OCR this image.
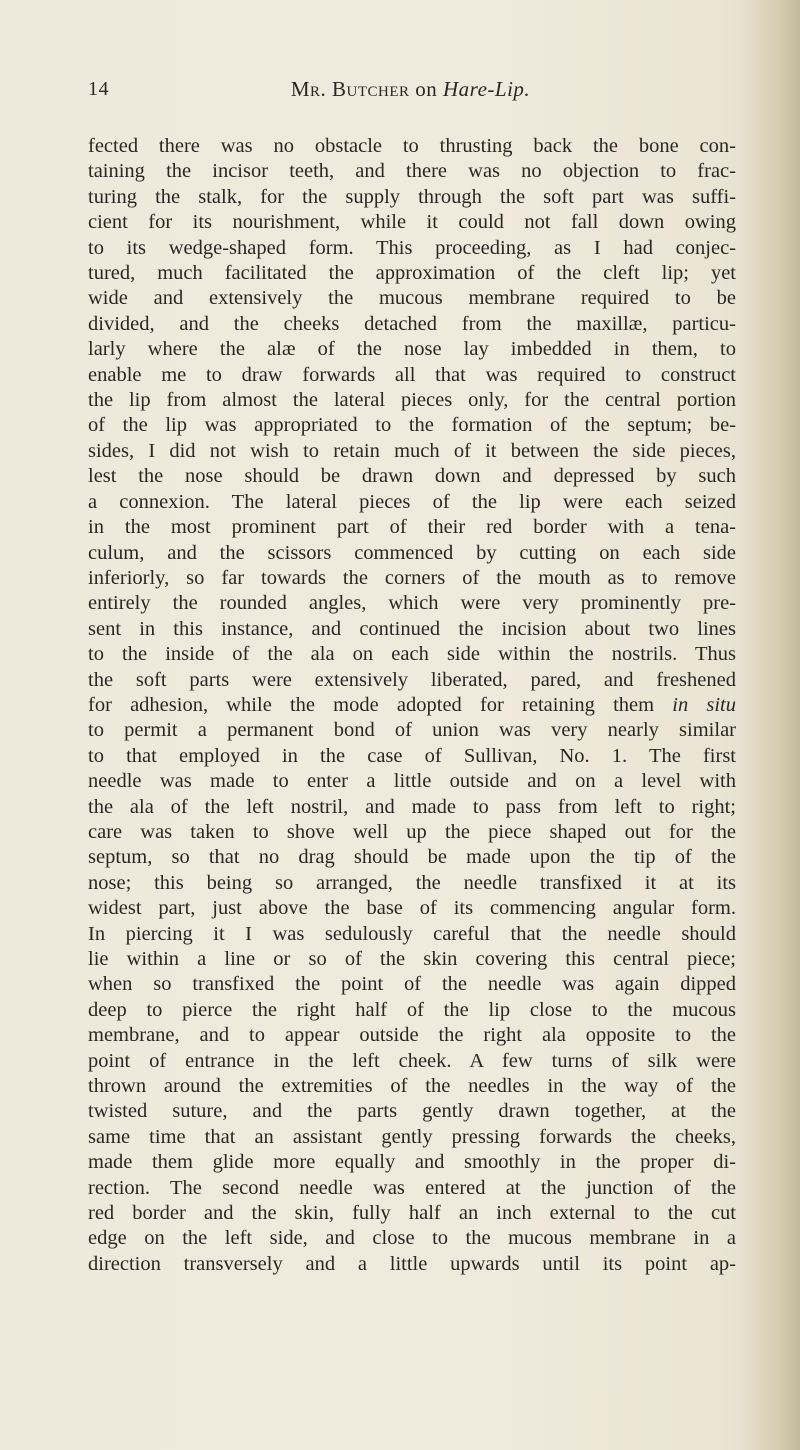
14	Mr. Butcher on Hare-Lip.
fected there was no obstacle to thrusting back the bone con-
taining the incisor teeth, and there was no objection to frac-
turing the stalk, for the supply through the soft part was suffi-
cient for its nourishment, while it could not fall down owing
to its wedge-shaped form. This proceeding, as I had conjec-
tured, much facilitated the approximation of the cleft lip; yet
wide and extensively the mucous membrane required to be
divided, and the cheeks detached from the maxillæ, particu-
larly where the alæ of the nose lay imbedded in them, to
enable me to draw forwards all that was required to construct
the lip from almost the lateral pieces only, for the central portion
of the lip was appropriated to the formation of the septum; be-
sides, I did not wish to retain much of it between the side pieces,
lest the nose should be drawn down and depressed by such
a connexion. The lateral pieces of the lip were each seized
in the most prominent part of their red border with a tena-
culum, and the scissors commenced by cutting on each side
inferiorly, so far towards the corners of the mouth as to remove
entirely the rounded angles, which were very prominently pre-
sent in this instance, and continued the incision about two lines
to the inside of the ala on each side within the nostrils. Thus
the soft parts were extensively liberated, pared, and freshened
for adhesion, while the mode adopted for retaining them in situ
to permit a permanent bond of union was very nearly similar
to that employed in the case of Sullivan, No. 1. The first
needle was made to enter a little outside and on a level with
the ala of the left nostril, and made to pass from left to right;
care was taken to shove well up the piece shaped out for the
septum, so that no drag should be made upon the tip of the
nose; this being so arranged, the needle transfixed it at its
widest part, just above the base of its commencing angular form.
In piercing it I was sedulously careful that the needle should
lie within a line or so of the skin covering this central piece;
when so transfixed the point of the needle was again dipped
deep to pierce the right half of the lip close to the mucous
membrane, and to appear outside the right ala opposite to the
point of entrance in the left cheek. A few turns of silk were
thrown around the extremities of the needles in the way of the
twisted suture, and the parts gently drawn together, at the
same time that an assistant gently pressing forwards the cheeks,
made them glide more equally and smoothly in the proper di-
rection. The second needle was entered at the junction of the
red border and the skin, fully half an inch external to the cut
edge on the left side, and close to the mucous membrane in a
direction transversely and a little upwards until its point ap-
